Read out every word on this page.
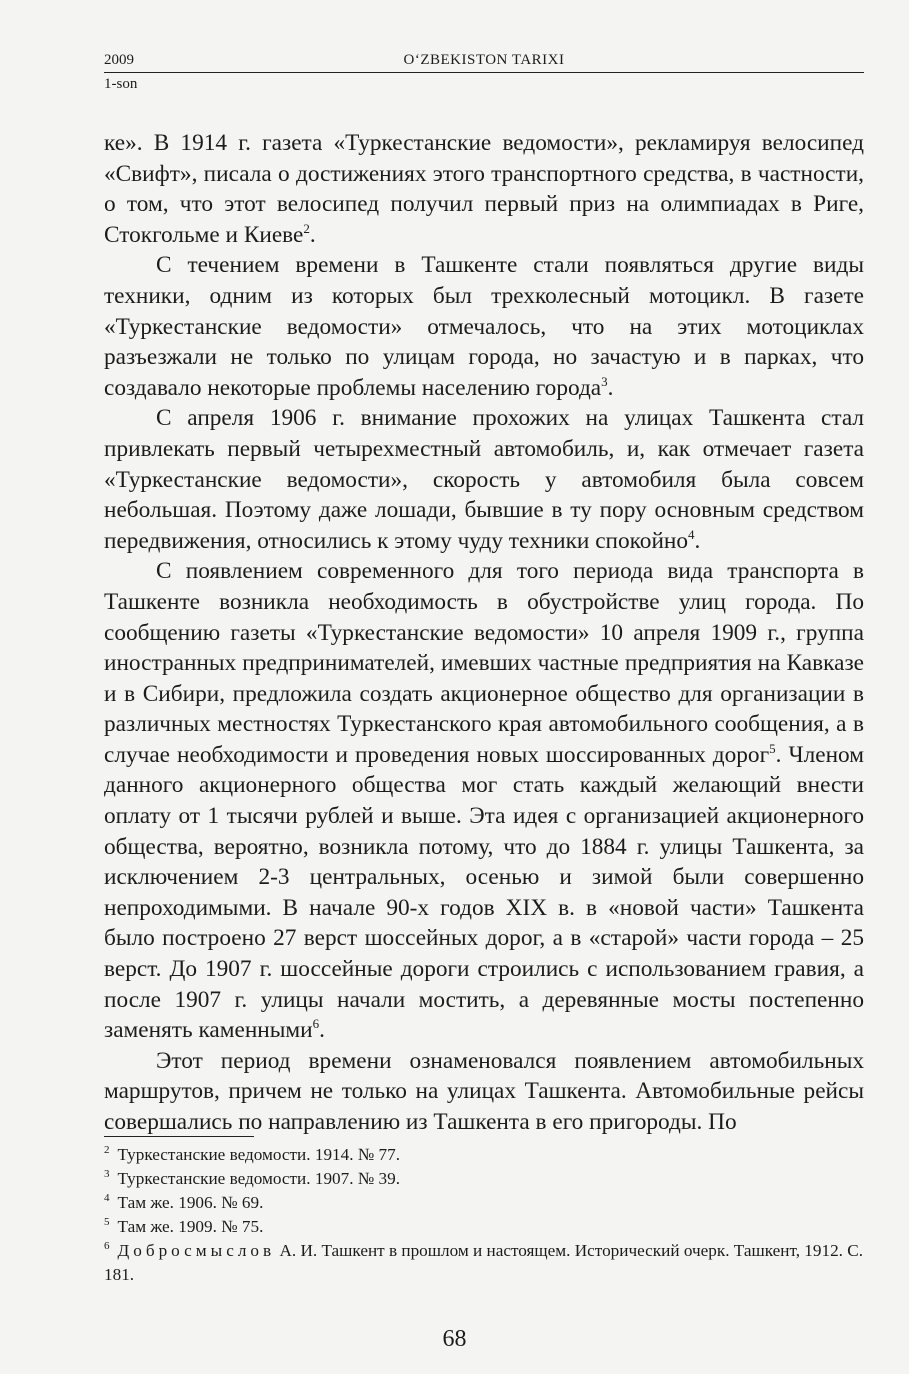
2009	O‘ZBEKISTON TARIXI
1-son

ке». В 1914 г. газета «Туркестанские ведомости», рекламируя велосипед «Свифт», писала о достижениях этого транспортного средства, в частности, о том, что этот велосипед получил первый приз на олимпиадах в Риге, Стокгольме и Киеве$^2$.

С течением времени в Ташкенте стали появляться другие виды техники, одним из которых был трехколесный мотоцикл. В газете «Туркестанские ведомости» отмечалось, что на этих мотоциклах разъезжали не только по улицам города, но зачастую и в парках, что создавало некоторые проблемы населению города$^3$.

С апреля 1906 г. внимание прохожих на улицах Ташкента стал привлекать первый четырехместный автомобиль, и, как отмечает газета «Туркестанские ведомости», скорость у автомобиля была совсем небольшая. Поэтому даже лошади, бывшие в ту пору основным средством передвижения, относились к этому чуду техники спокойно$^4$.

С появлением современного для того периода вида транспорта в Ташкенте возникла необходимость в обустройстве улиц города. По сообщению газеты «Туркестанские ведомости» 10 апреля 1909 г., группа иностранных предпринимателей, имевших частные предприятия на Кавказе и в Сибири, предложила создать акционерное общество для организации в различных местностях Туркестанского края автомобильного сообщения, а в случае необходимости и проведения новых шоссированных дорог$^5$. Членом данного акционерного общества мог стать каждый желающий внести оплату от 1 тысячи рублей и выше. Эта идея с организацией акционерного общества, вероятно, возникла потому, что до 1884 г. улицы Ташкента, за исключением 2-3 центральных, осенью и зимой были совершенно непроходимыми. В начале 90-х годов XIX в. в «новой части» Ташкента было построено 27 верст шоссейных дорог, а в «старой» части города – 25 верст. До 1907 г. шоссейные дороги строились с использованием гравия, а после 1907 г. улицы начали мостить, а деревянные мосты постепенно заменять каменными$^6$.

Этот период времени ознаменовался появлением автомобильных маршрутов, причем не только на улицах Ташкента. Автомобильные рейсы совершались по направлению из Ташкента в его пригороды. По

$^2$ Туркестанские ведомости. 1914. № 77.

$^3$ Туркестанские ведомости. 1907. № 39.

$^4$ Там же. 1906. № 69.

$^5$ Там же. 1909. № 75.

$^6$ Добросмыслов А. И. Ташкент в прошлом и настоящем. Исторический очерк. Ташкент, 1912. С. 181.

68
